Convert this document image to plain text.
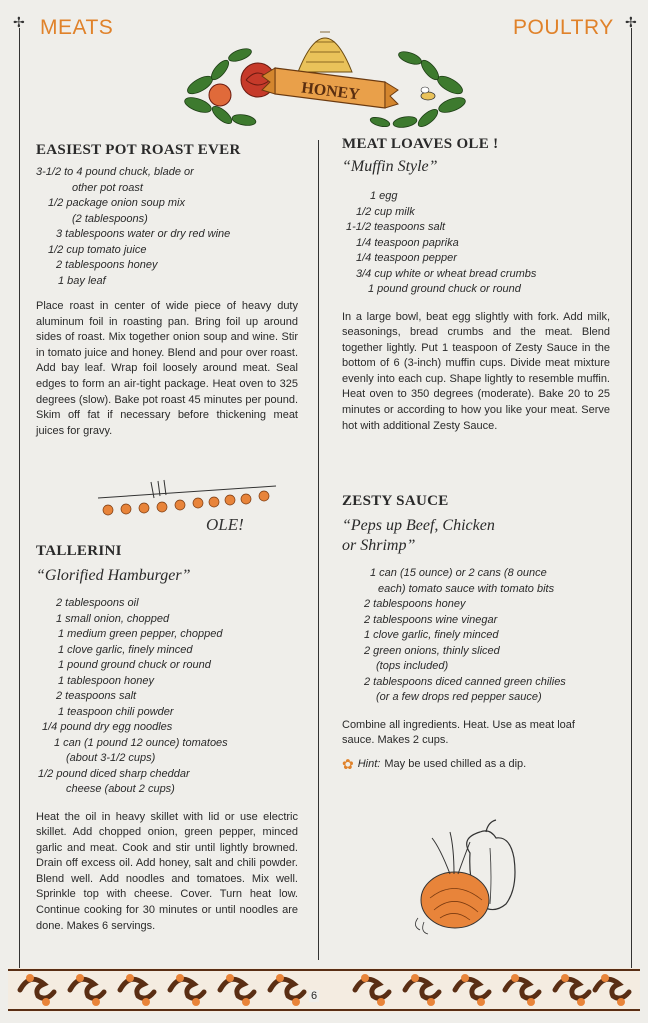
✢	✢
MEATS	POULTRY
HONEY
EASIEST POT ROAST EVER
3-1/2 to 4 pound chuck, blade or
other pot roast
1/2 package onion soup mix
(2 tablespoons)
3 tablespoons water or dry red wine
1/2 cup tomato juice
2 tablespoons honey
1 bay leaf

Place roast in center of wide piece of heavy duty aluminum foil in roasting pan. Bring foil up around sides of roast. Mix together onion soup and wine. Stir in tomato juice and honey. Blend and pour over roast. Add bay leaf. Wrap foil loosely around meat. Seal edges to form an air-tight package. Heat oven to 325 degrees (slow). Bake pot roast 45 minutes per pound. Skim off fat if necessary before thickening meat juices for gravy.

OLE!
TALLERINI

“Glorified Hamburger”

2 tablespoons oil
1 small onion, chopped
1 medium green pepper, chopped
1 clove garlic, finely minced
1 pound ground chuck or round
1 tablespoon honey
2 teaspoons salt
1 teaspoon chili powder
1/4 pound dry egg noodles
1 can (1 pound 12 ounce) tomatoes
(about 3-1/2 cups)
1/2 pound diced sharp cheddar
cheese (about 2 cups)

Heat the oil in heavy skillet with lid or use electric skillet. Add chopped onion, green pepper, minced garlic and meat. Cook and stir until lightly browned. Drain off excess oil. Add honey, salt and chili powder. Blend well. Add noodles and tomatoes. Mix well. Sprinkle top with cheese. Cover. Turn heat low. Continue cooking for 30 minutes or until noodles are done. Makes 6 servings.

MEAT LOAVES OLE !

“Muffin Style”

1 egg
1/2 cup milk
1-1/2 teaspoons salt
1/4 teaspoon paprika
1/4 teaspoon pepper
3/4 cup white or wheat bread crumbs
1 pound ground chuck or round

In a large bowl, beat egg slightly with fork. Add milk, seasonings, bread crumbs and the meat. Blend together lightly. Put 1 teaspoon of Zesty Sauce in the bottom of 6 (3-inch) muffin cups. Divide meat mixture evenly into each cup. Shape lightly to resemble muffin. Heat oven to 350 degrees (moderate). Bake 20 to 25 minutes or according to how you like your meat. Serve hot with additional Zesty Sauce.

ZESTY SAUCE

“Peps up Beef, Chicken
or Shrimp”

1 can (15 ounce) or 2 cans (8 ounce
each) tomato sauce with tomato bits
2 tablespoons honey
2 tablespoons wine vinegar
1 clove garlic, finely minced
2 green onions, thinly sliced
(tops included)
2 tablespoons diced canned green chilies
(or a few drops red pepper sauce)

Combine all ingredients. Heat. Use as meat loaf sauce. Makes 2 cups.

✿ Hint: May be used chilled as a dip.
6
